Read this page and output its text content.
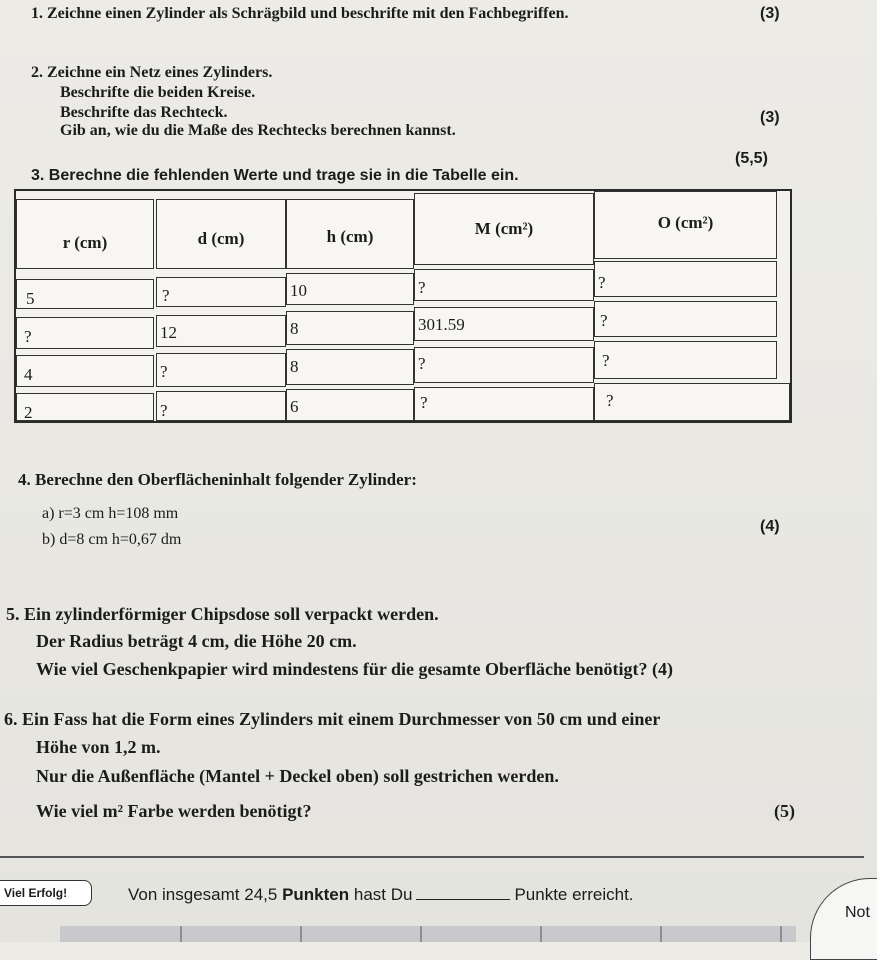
1. Zeichne einen Zylinder als Schrägbild und beschrifte mit den Fachbegriffen.	(3)
2. Zeichne ein Netz eines Zylinders.
Beschrifte die beiden Kreise.
Beschrifte das Rechteck.
Gib an, wie du die Maße des Rechtecks berechnen kannst.
(3)
3. Berechne die fehlenden Werte und trage sie in die Tabelle ein.
(5,5)
r (cm)	d (cm)	h (cm)	M (cm²)	O (cm²)
5	?	10	?	?
?	12	8	301.59	?
4	?	8	?	?
2	?	6	?	?
4. Berechne den Oberflächeninhalt folgender Zylinder:
a) r=3 cm h=108 mm
b) d=8 cm h=0,67 dm
(4)
5. Ein zylinderförmiger Chipsdose soll verpackt werden.
Der Radius beträgt 4 cm, die Höhe 20 cm.
Wie viel Geschenkpapier wird mindestens für die gesamte Oberfläche benötigt? (4)
6. Ein Fass hat die Form eines Zylinders mit einem Durchmesser von 50 cm und einer
Höhe von 1,2 m.
Nur die Außenfläche (Mantel + Deckel oben) soll gestrichen werden.
Wie viel m² Farbe werden benötigt?	(5)
Viel Erfolg!	Von insgesamt 24,5 Punkten hast Du	Punkte erreicht.
Not
